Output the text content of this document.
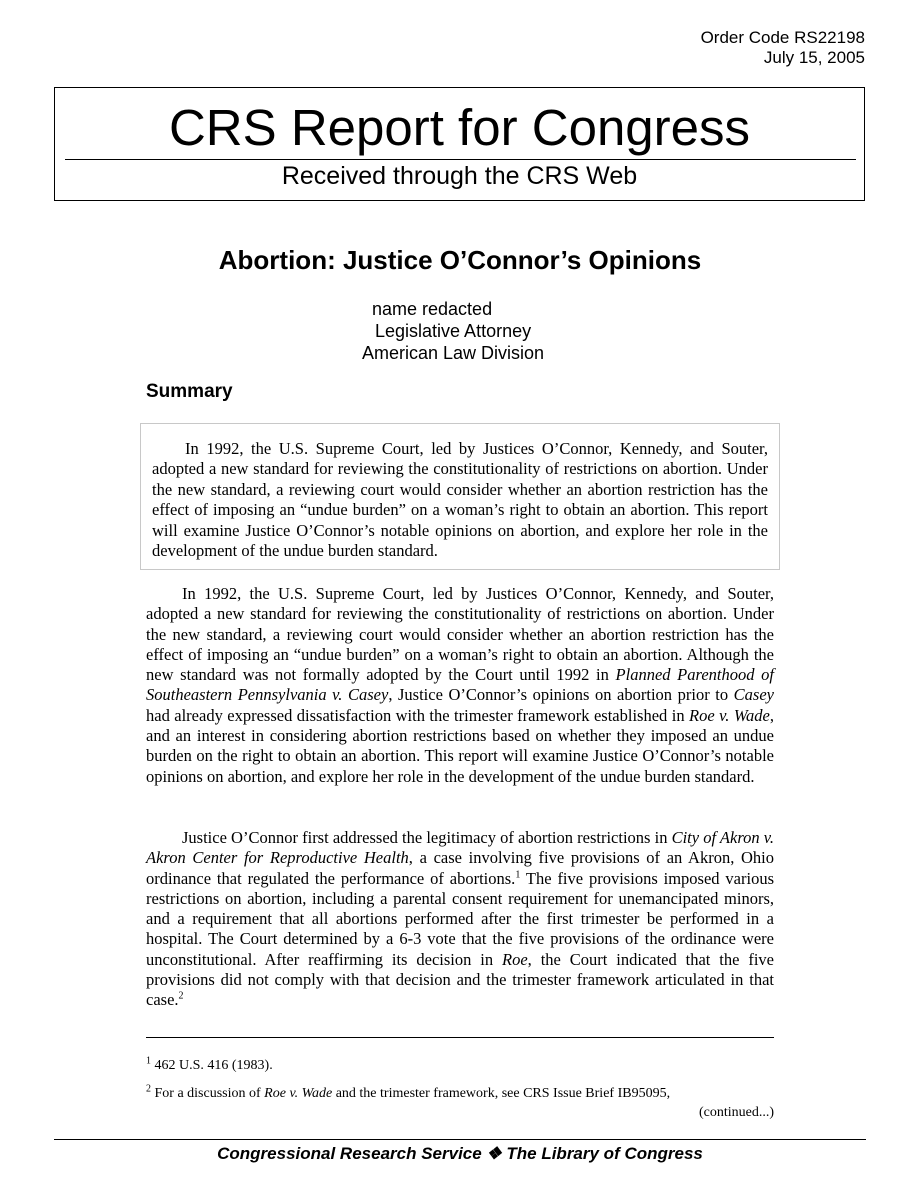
Order Code RS22198
July 15, 2005
CRS Report for Congress
Received through the CRS Web
Abortion: Justice O’Connor’s Opinions
name redacted
Legislative Attorney
American Law Division
Summary

In 1992, the U.S. Supreme Court, led by Justices O’Connor, Kennedy, and Souter, adopted a new standard for reviewing the constitutionality of restrictions on abortion. Under the new standard, a reviewing court would consider whether an abortion restriction has the effect of imposing an “undue burden” on a woman’s right to obtain an abortion. This report will examine Justice O’Connor’s notable opinions on abortion, and explore her role in the development of the undue burden standard.

In 1992, the U.S. Supreme Court, led by Justices O’Connor, Kennedy, and Souter, adopted a new standard for reviewing the constitutionality of restrictions on abortion. Under the new standard, a reviewing court would consider whether an abortion restriction has the effect of imposing an “undue burden” on a woman’s right to obtain an abortion. Although the new standard was not formally adopted by the Court until 1992 in Planned Parenthood of Southeastern Pennsylvania v. Casey, Justice O’Connor’s opinions on abortion prior to Casey had already expressed dissatisfaction with the trimester framework established in Roe v. Wade, and an interest in considering abortion restrictions based on whether they imposed an undue burden on the right to obtain an abortion. This report will examine Justice O’Connor’s notable opinions on abortion, and explore her role in the development of the undue burden standard.

Justice O’Connor first addressed the legitimacy of abortion restrictions in City of Akron v. Akron Center for Reproductive Health, a case involving five provisions of an Akron, Ohio ordinance that regulated the performance of abortions.$^1$ The five provisions imposed various restrictions on abortion, including a parental consent requirement for unemancipated minors, and a requirement that all abortions performed after the first trimester be performed in a hospital. The Court determined by a 6-3 vote that the five provisions of the ordinance were unconstitutional. After reaffirming its decision in Roe, the Court indicated that the five provisions did not comply with that decision and the trimester framework articulated in that case.$^2$

$^1$ 462 U.S. 416 (1983).

$^2$ For a discussion of Roe v. Wade and the trimester framework, see CRS Issue Brief IB95095,
(continued...)
Congressional Research Service ❖ The Library of Congress
